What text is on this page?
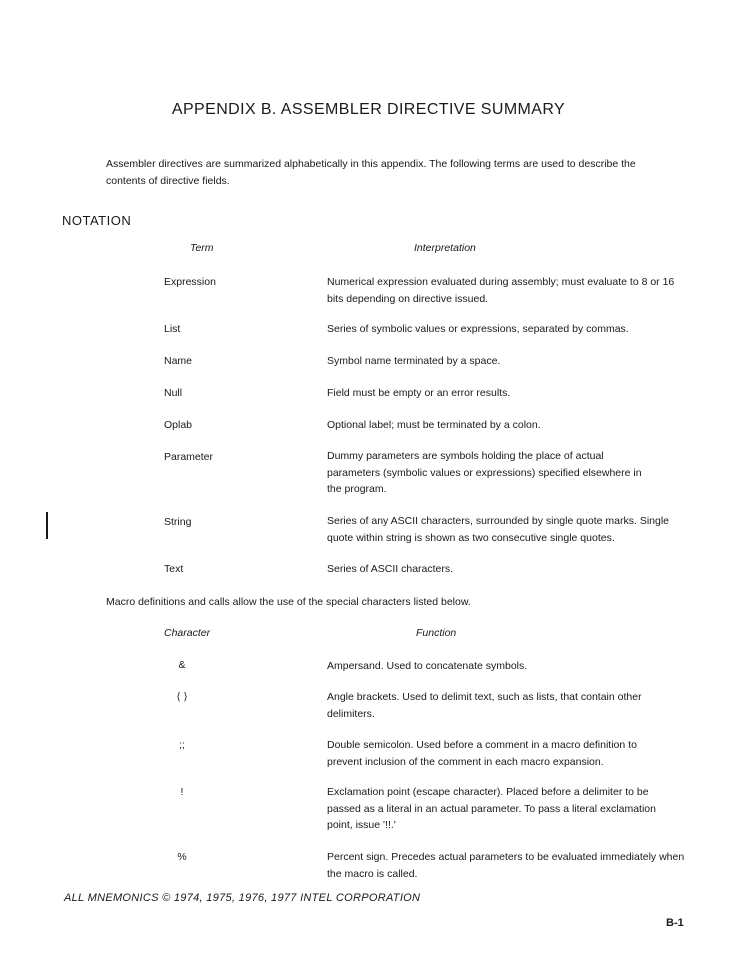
APPENDIX B. ASSEMBLER DIRECTIVE SUMMARY
Assembler directives are summarized alphabetically in this appendix. The following terms are used to describe the contents of directive fields.
NOTATION
Term	Interpretation
Expression	Numerical expression evaluated during assembly; must evaluate to 8 or 16 bits depending on directive issued.
List	Series of symbolic values or expressions, separated by commas.
Name	Symbol name terminated by a space.
Null	Field must be empty or an error results.
Oplab	Optional label; must be terminated by a colon.
Parameter	Dummy parameters are symbols holding the place of actual parameters (symbolic values or expressions) specified elsewhere in the program.
String	Series of any ASCII characters, surrounded by single quote marks. Single quote within string is shown as two consecutive single quotes.
Text	Series of ASCII characters.
Macro definitions and calls allow the use of the special characters listed below.
Character	Function
&	Ampersand. Used to concatenate symbols.
⟨ ⟩	Angle brackets. Used to delimit text, such as lists, that contain other delimiters.
;;	Double semicolon. Used before a comment in a macro definition to prevent inclusion of the comment in each macro expansion.
!	Exclamation point (escape character). Placed before a delimiter to be passed as a literal in an actual parameter. To pass a literal exclamation point, issue '!!.'
%	Percent sign. Precedes actual parameters to be evaluated immediately when the macro is called.
ALL MNEMONICS © 1974, 1975, 1976, 1977 INTEL CORPORATION
B-1
